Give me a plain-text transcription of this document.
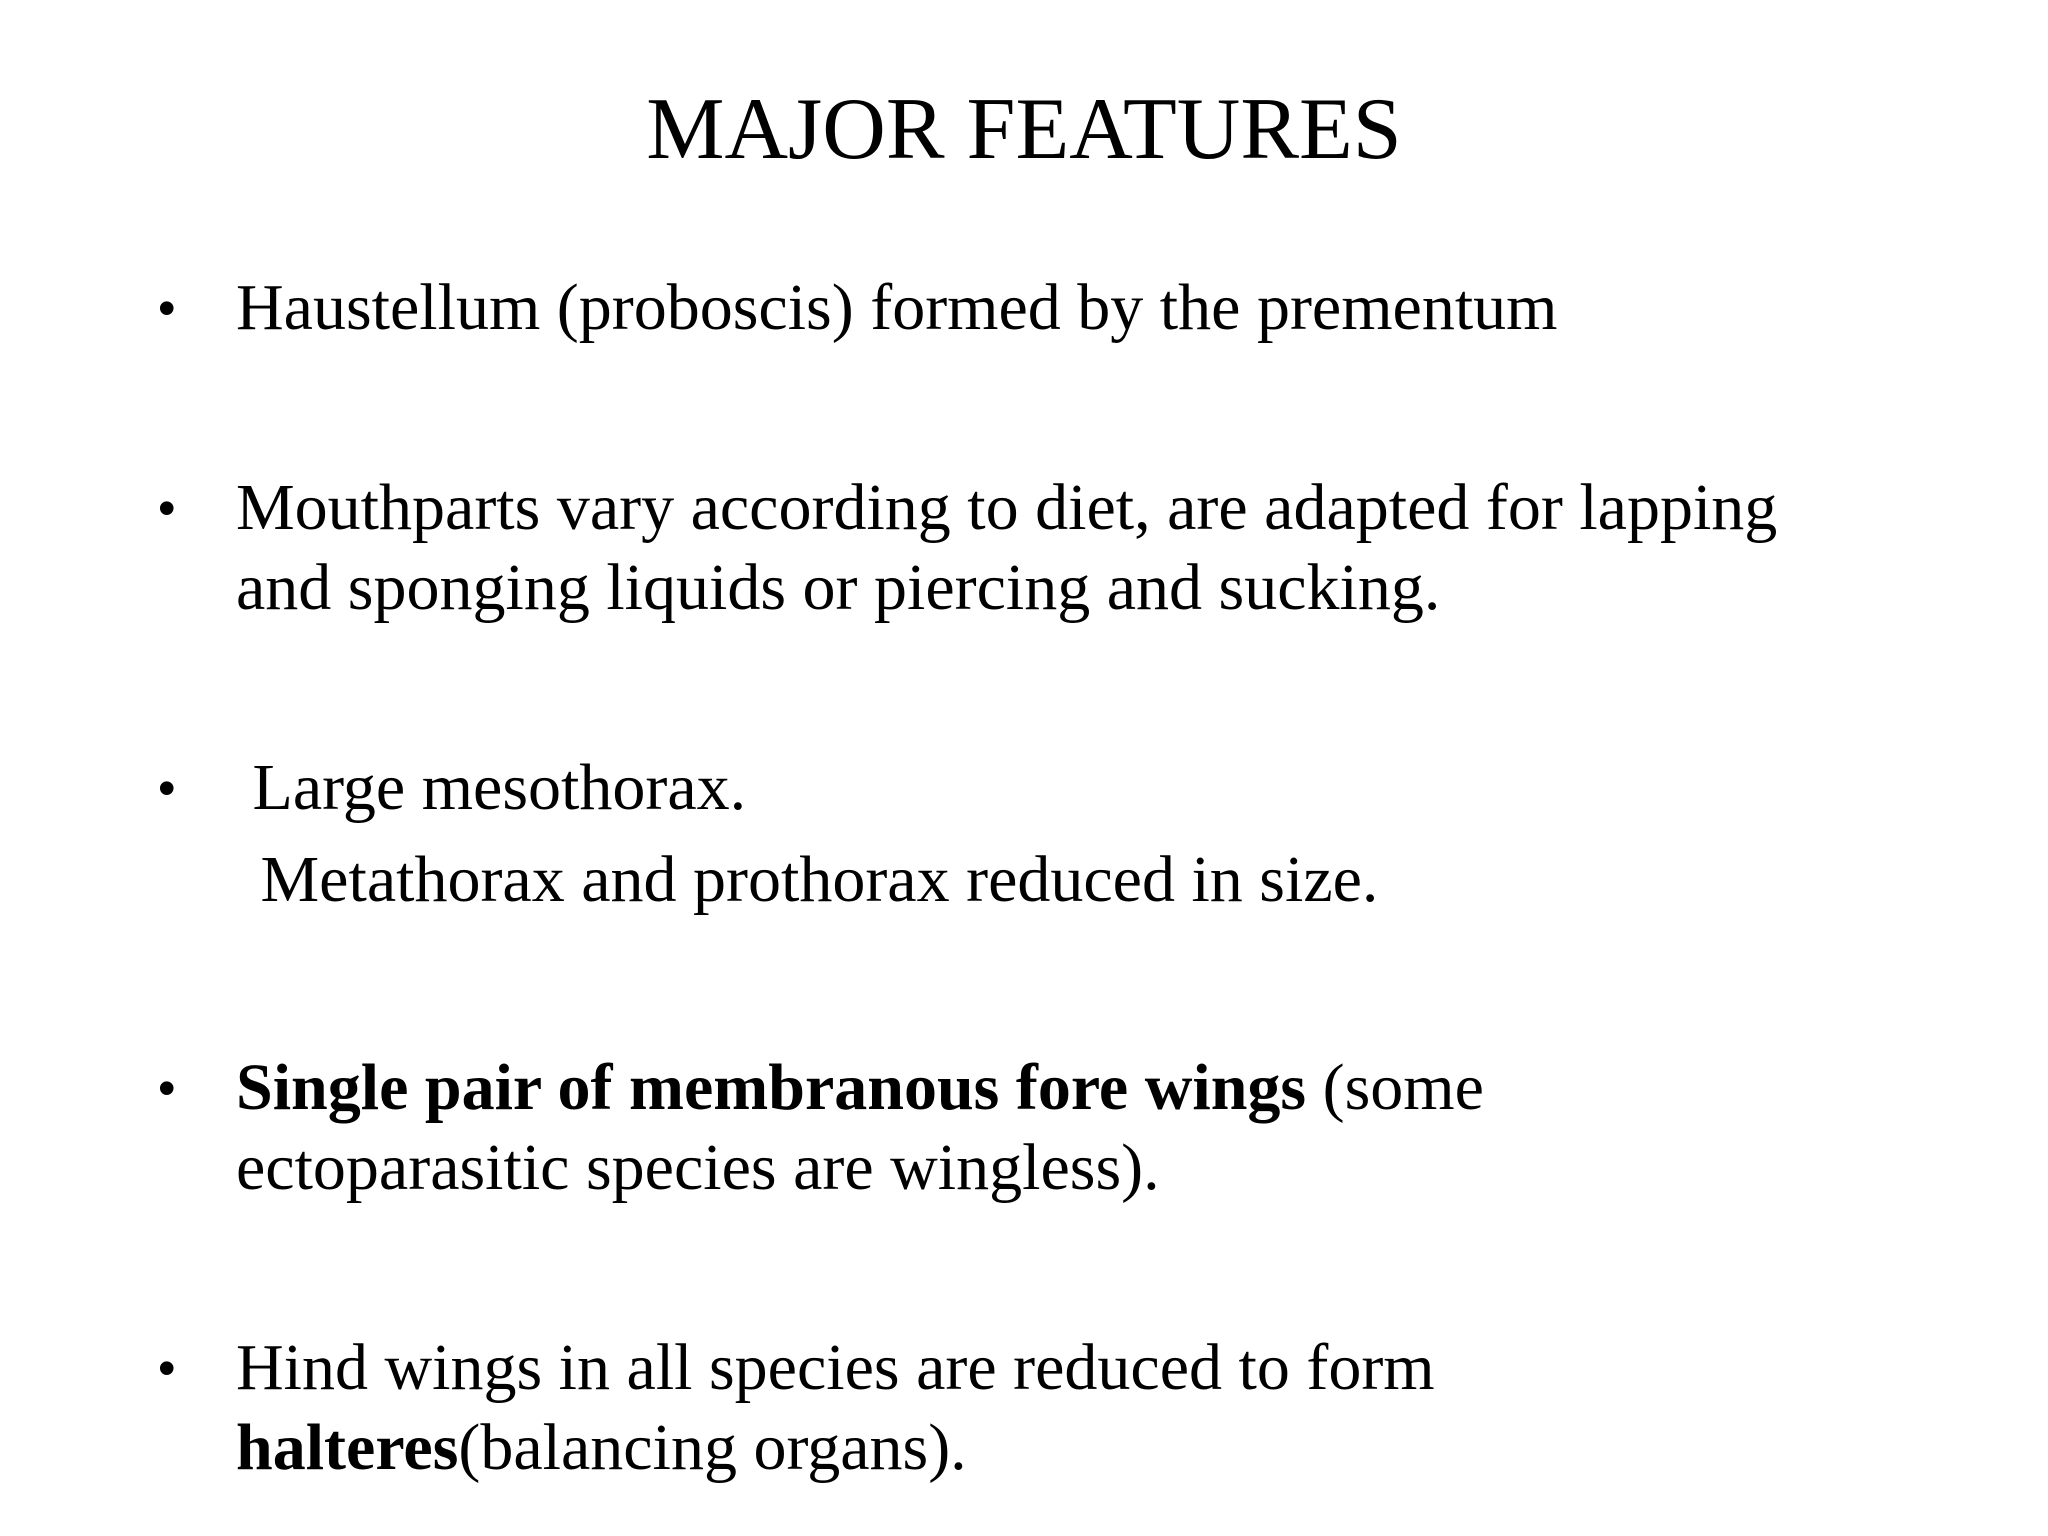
MAJOR FEATURES
• Haustellum (proboscis) formed by the prementum
• Mouthparts vary according to diet, are adapted for lapping
and sponging liquids or piercing and sucking.
• Large mesothorax.
Metathorax and prothorax reduced in size.
• Single pair of membranous fore wings (some
ectoparasitic species are wingless).
• Hind wings in all species are reduced to form
halteres(balancing organs).
